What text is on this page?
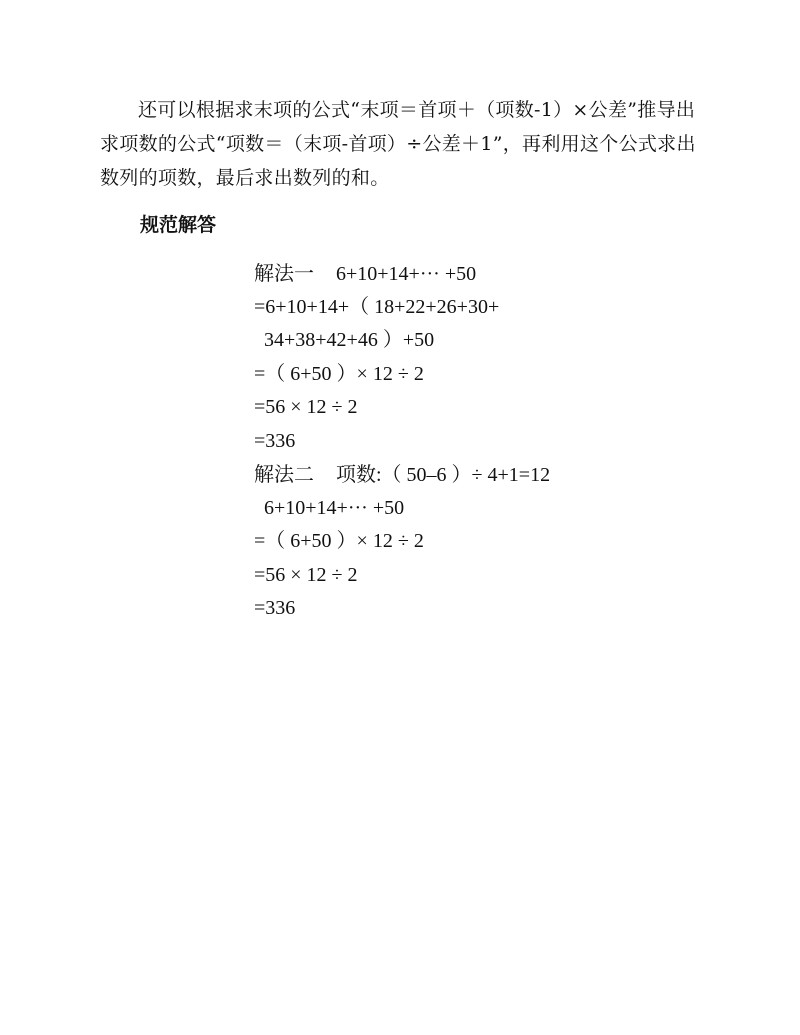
还可以根据求末项的公式“末项＝首项＋（项数-1）×公差”推导出求项数的公式“项数＝（末项-首项）÷公差＋1”，再利用这个公式求出数列的项数，最后求出数列的和。

规范解答
解法一 6+10+14+··· +50
=6+10+14+（ 18+22+26+30+
34+38+42+46 ）+50
=（ 6+50 ）× 12 ÷ 2
=56 × 12 ÷ 2
=336
解法二 项数:（ 50–6 ）÷ 4+1=12
6+10+14+··· +50
=（ 6+50 ）× 12 ÷ 2
=56 × 12 ÷ 2
=336
